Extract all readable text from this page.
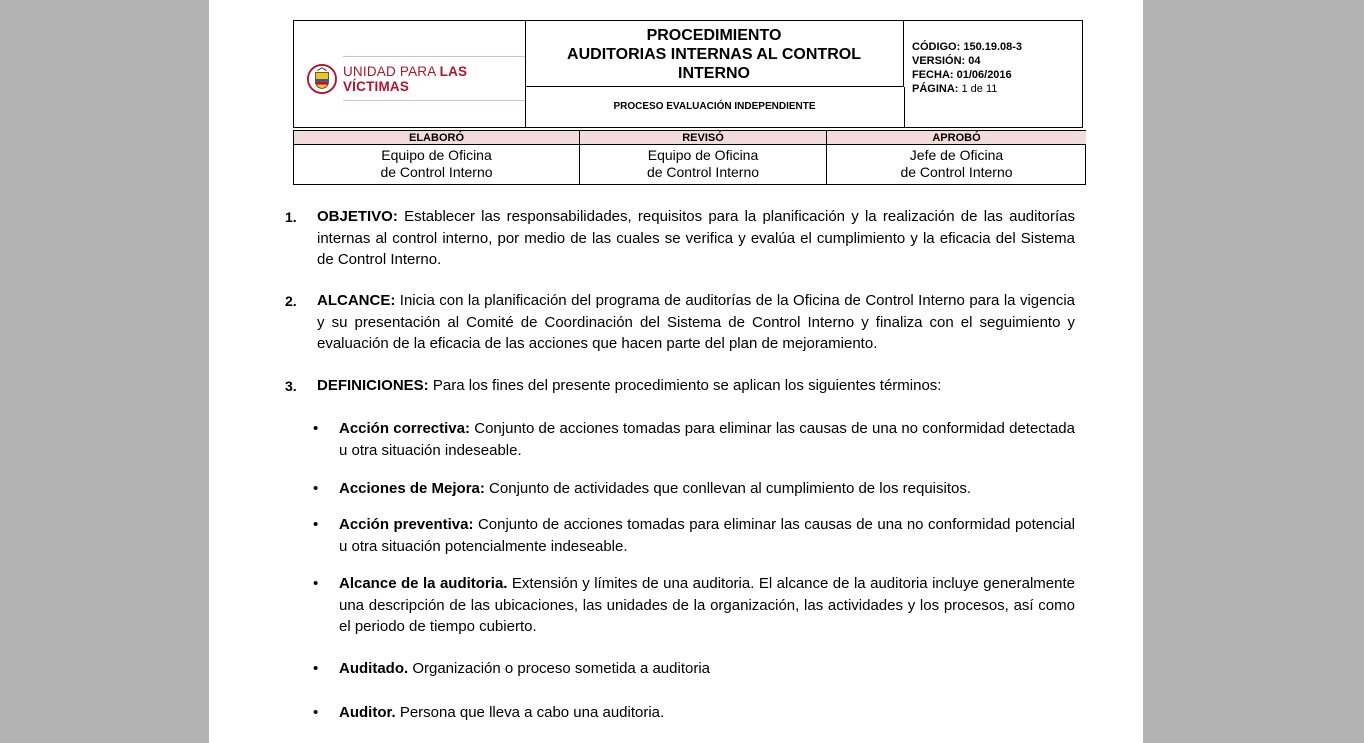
UNIDAD PARA LAS VÍCTIMAS
PROCEDIMIENTO
AUDITORIAS INTERNAS AL CONTROL
INTERNO
PROCESO EVALUACIÓN INDEPENDIENTE
CÓDIGO: 150.19.08-3
VERSIÓN: 04
FECHA: 01/06/2016
PÁGINA: 1 de 11
ELABORÓ
Equipo de Oficina
de Control Interno
REVISÓ
Equipo de Oficina
de Control Interno
APROBÓ
Jefe de Oficina
de Control Interno
1. OBJETIVO: Establecer las responsabilidades, requisitos para la planificación y la realización de las auditorías internas al control interno, por medio de las cuales se verifica y evalúa el cumplimiento y la eficacia del Sistema de Control Interno.
2. ALCANCE: Inicia con la planificación del programa de auditorías de la Oficina de Control Interno para la vigencia y su presentación al Comité de Coordinación del Sistema de Control Interno y finaliza con el seguimiento y evaluación de la eficacia de las acciones que hacen parte del plan de mejoramiento.
3. DEFINICIONES: Para los fines del presente procedimiento se aplican los siguientes términos:
• Acción correctiva: Conjunto de acciones tomadas para eliminar las causas de una no conformidad detectada u otra situación indeseable.
• Acciones de Mejora: Conjunto de actividades que conllevan al cumplimiento de los requisitos.
• Acción preventiva: Conjunto de acciones tomadas para eliminar las causas de una no conformidad potencial u otra situación potencialmente indeseable.
• Alcance de la auditoria. Extensión y límites de una auditoria. El alcance de la auditoria incluye generalmente una descripción de las ubicaciones, las unidades de la organización, las actividades y los procesos, así como el periodo de tiempo cubierto.
• Auditado. Organización o proceso sometida a auditoria
• Auditor. Persona que lleva a cabo una auditoria.
